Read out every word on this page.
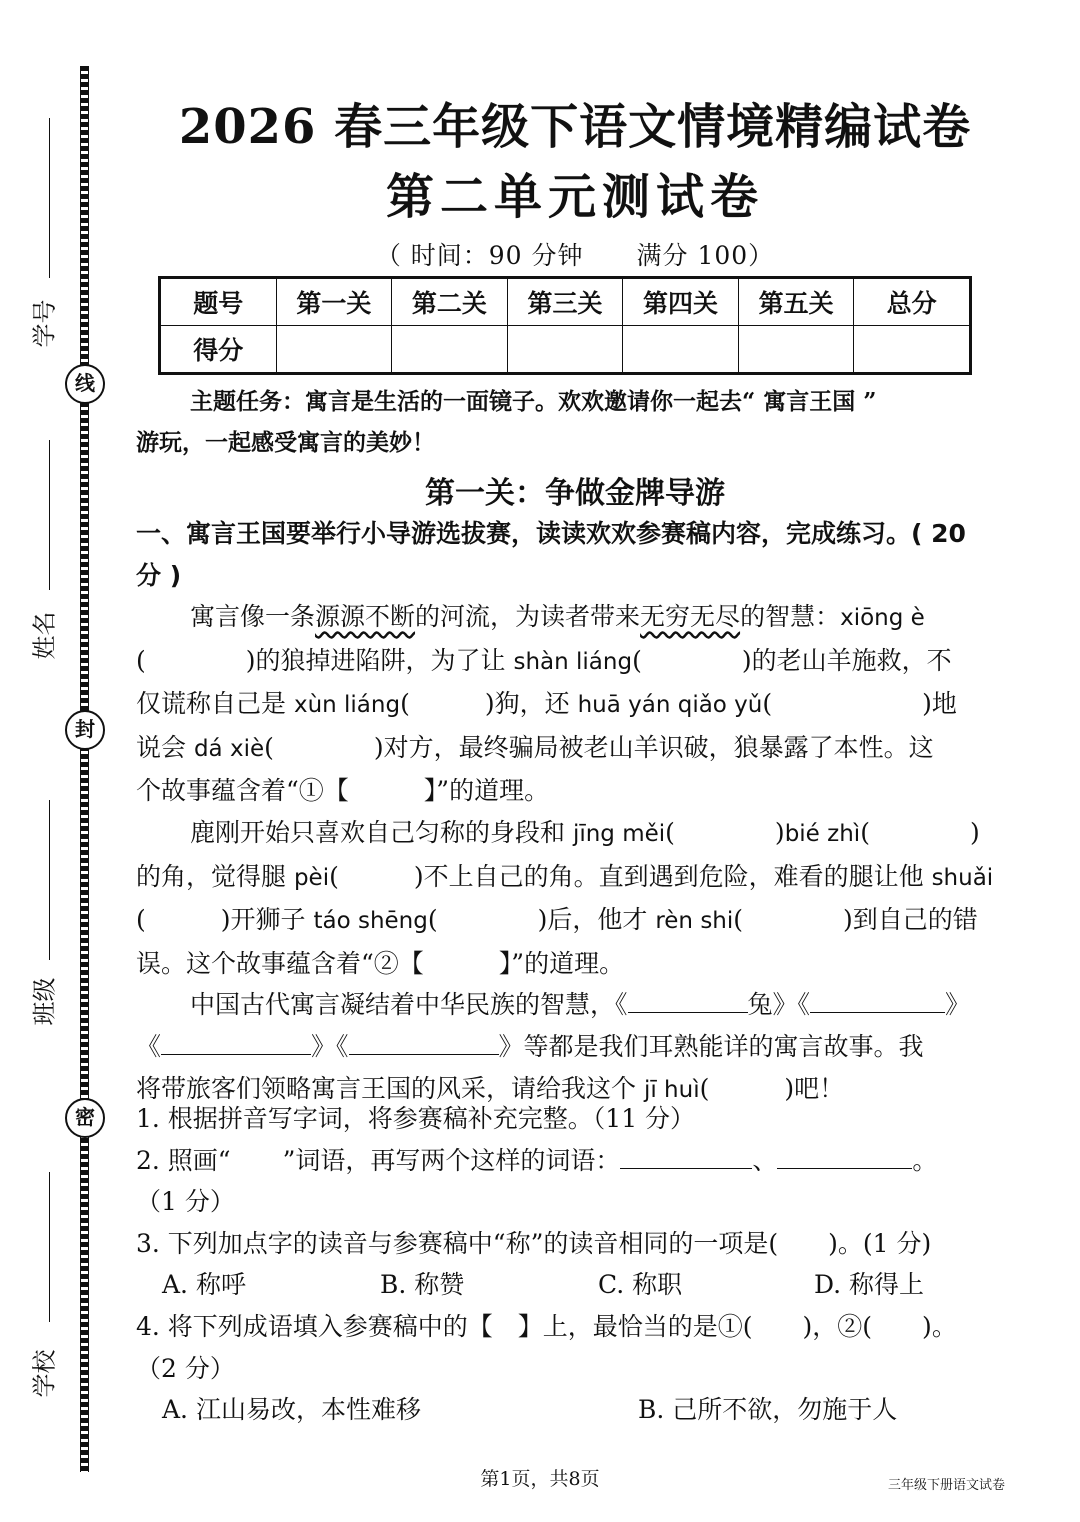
学号
线
姓名
封
班级
密
学校
2026 春三年级下语文情境精编试卷
第二单元测试卷
（ 时间：90 分钟 满分 100）
题号	第一关	第二关	第三关	第四关	第五关	总分
得分						
主题任务：寓言是生活的一面镜子。欢欢邀请你一起去“ 寓言王国 ”
游玩，一起感受寓言的美妙！
第一关：争做金牌导游
一、寓言王国要举行小导游选拔赛，读读欢欢参赛稿内容，完成练习。( 20
分 )
寓言像一条源源不断的河流，为读者带来无穷无尽的智慧：xiōng è
(　　　　)的狼掉进陷阱，为了让 shàn liáng(　　　　)的老山羊施救，不
仅谎称自己是 xùn liáng(　　　)狗，还 huā yán qiǎo yǔ(　　　　　　)地
说会 dá xiè(　　　　)对方，最终骗局被老山羊识破，狼暴露了本性。这
个故事蕴含着“①【　　　】”的道理。
鹿刚开始只喜欢自己匀称的身段和 jīng měi(　　　　)bié zhì(　　　　)
的角，觉得腿 pèi(　　　)不上自己的角。直到遇到危险，难看的腿让他 shuǎi
(　　　)开狮子 táo shēng(　　　　)后，他才 rèn shi(　　　　)到自己的错
误。这个故事蕴含着“②【　　　】”的道理。
中国古代寓言凝结着中华民族的智慧，《	兔》《	》
《	》《	》等都是我们耳熟能详的寓言故事。我
将带旅客们领略寓言王国的风采，请给我这个 jī huì(　　　)吧！
1. 根据拼音写字词，将参赛稿补充完整。（11 分）
2. 照画“ ”词语，再写两个这样的词语：	、	。
（1 分）
3. 下列加点字的读音与参赛稿中“称”的读音相同的一项是(　　)。(1 分)
A. 称呼	B. 称赞	C. 称职	D. 称得上
4. 将下列成语填入参赛稿中的【　】上，最恰当的是①(　　)，②(　　)。
（2 分）
A. 江山易改，本性难移	B. 己所不欲，勿施于人
第1页，共8页	三年级下册语文试卷
